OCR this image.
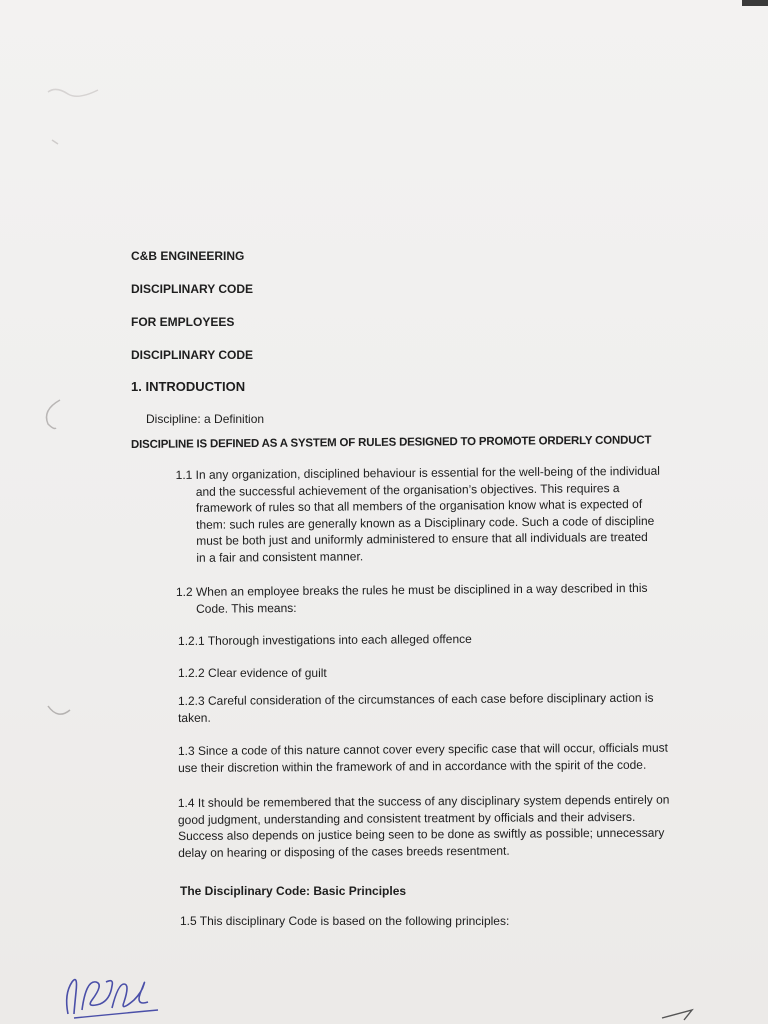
C&B ENGINEERING
DISCIPLINARY CODE
FOR EMPLOYEES
DISCIPLINARY CODE
1. INTRODUCTION
Discipline: a Definition
DISCIPLINE IS DEFINED AS A SYSTEM OF RULES DESIGNED TO PROMOTE ORDERLY CONDUCT
1.1 In any organization, disciplined behaviour is essential for the well-being of the individual
and the successful achievement of the organisation’s objectives. This requires a
framework of rules so that all members of the organisation know what is expected of
them: such rules are generally known as a Disciplinary code. Such a code of discipline
must be both just and uniformly administered to ensure that all individuals are treated
in a fair and consistent manner.
1.2 When an employee breaks the rules he must be disciplined in a way described in this
Code. This means:
1.2.1 Thorough investigations into each alleged offence
1.2.2 Clear evidence of guilt
1.2.3 Careful consideration of the circumstances of each case before disciplinary action is
taken.
1.3 Since a code of this nature cannot cover every specific case that will occur, officials must
use their discretion within the framework of and in accordance with the spirit of the code.
1.4 It should be remembered that the success of any disciplinary system depends entirely on
good judgment, understanding and consistent treatment by officials and their advisers.
Success also depends on justice being seen to be done as swiftly as possible; unnecessary
delay on hearing or disposing of the cases breeds resentment.
The Disciplinary Code: Basic Principles
1.5 This disciplinary Code is based on the following principles:
